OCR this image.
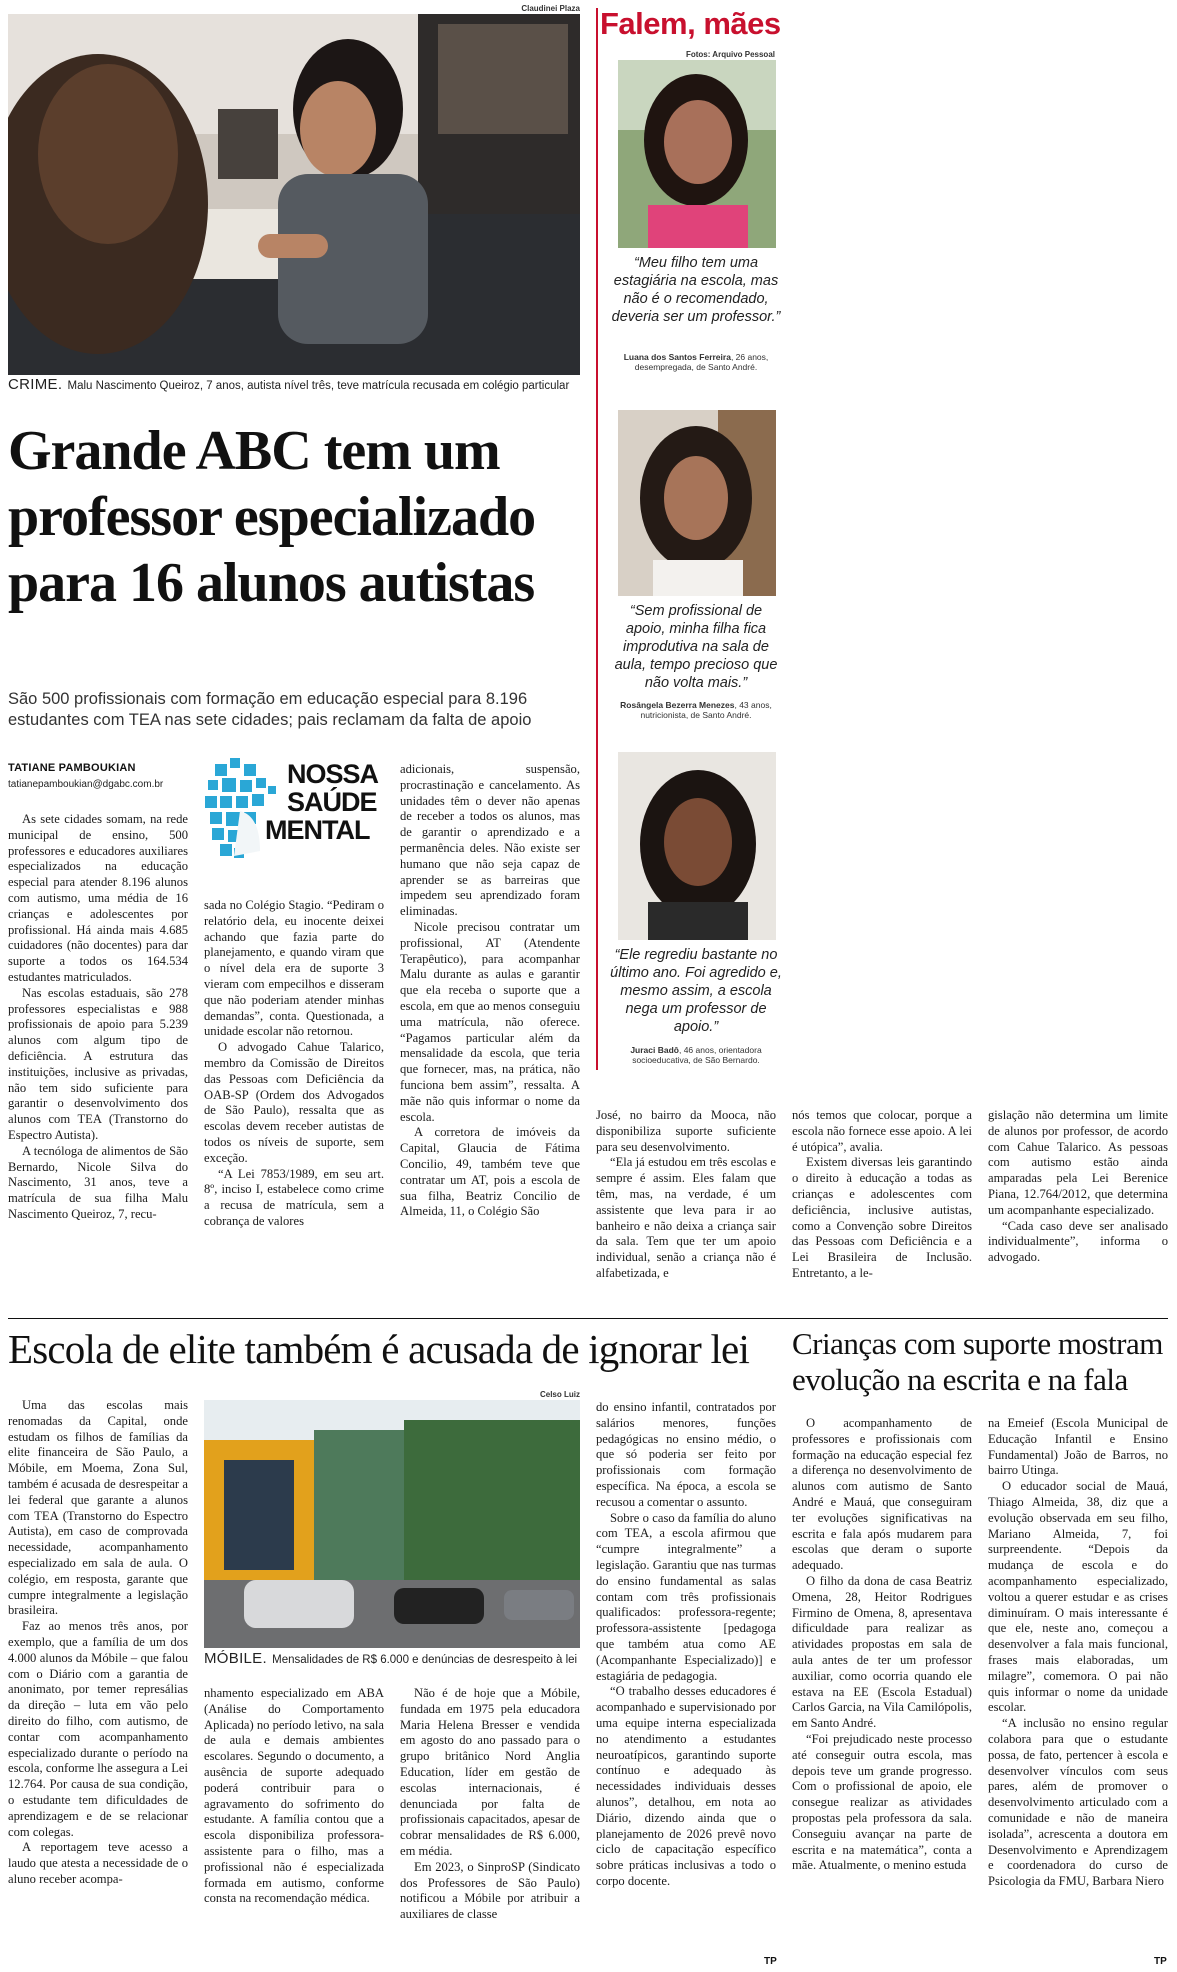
Claudinei Plaza
CRIME. Malu Nascimento Queiroz, 7 anos, autista nível três, teve matrícula recusada em colégio particular
Grande ABC tem um
professor especializado
para 16 alunos autistas
São 500 profissionais com formação em educação especial para 8.196
estudantes com TEA nas sete cidades; pais reclamam da falta de apoio
TATIANE PAMBOUKIAN
tatianepamboukian@dgabc.com.br	NOSSA
SAÚDE
MENTAL

As sete cidades somam, na rede municipal de ensino, 500 professores e educadores auxiliares especializados na educação especial para atender 8.196 alunos com autismo, uma média de 16 crianças e adolescentes por profissional. Há ainda mais 4.685 cuidadores (não docentes) para dar suporte a todos os 164.534 estudantes matriculados.

Nas escolas estaduais, são 278 professores especialistas e 988 profissionais de apoio para 5.239 alunos com algum tipo de deficiência. A estrutura das instituições, inclusive as privadas, não tem sido suficiente para garantir o desenvolvimento dos alunos com TEA (Transtorno do Espectro Autista).

A tecnóloga de alimentos de São Bernardo, Nicole Silva do Nascimento, 31 anos, teve a matrícula de sua filha Malu Nascimento Queiroz, 7, recu-

sada no Colégio Stagio. “Pediram o relatório dela, eu inocente deixei achando que fazia parte do planejamento, e quando viram que o nível dela era de suporte 3 vieram com empecilhos e disseram que não poderiam atender minhas demandas”, conta. Questionada, a unidade escolar não retornou.

O advogado Cahue Talarico, membro da Comissão de Direitos das Pessoas com Deficiência da OAB-SP (Ordem dos Advogados de São Paulo), ressalta que as escolas devem receber autistas de todos os níveis de suporte, sem exceção.

“A Lei 7853/1989, em seu art. 8º, inciso I, estabelece como crime a recusa de matrícula, sem a cobrança de valores

adicionais, suspensão, procrastinação e cancelamento. As unidades têm o dever não apenas de receber a todos os alunos, mas de garantir o aprendizado e a permanência deles. Não existe ser humano que não seja capaz de aprender se as barreiras que impedem seu aprendizado foram eliminadas.

Nicole precisou contratar um profissional, AT (Atendente Terapêutico), para acompanhar Malu durante as aulas e garantir que ela receba o suporte que a escola, em que ao menos conseguiu uma matrícula, não oferece. “Pagamos particular além da mensalidade da escola, que teria que fornecer, mas, na prática, não funciona bem assim”, ressalta. A mãe não quis informar o nome da escola.

A corretora de imóveis da Capital, Glaucia de Fátima Concilio, 49, também teve que contratar um AT, pois a escola de sua filha, Beatriz Concilio de Almeida, 11, o Colégio São

José, no bairro da Mooca, não disponibiliza suporte suficiente para seu desenvolvimento.

“Ela já estudou em três escolas e sempre é assim. Eles falam que têm, mas, na verdade, é um assistente que leva para ir ao banheiro e não deixa a criança sair da sala. Tem que ter um apoio individual, senão a criança não é alfabetizada, e

nós temos que colocar, porque a escola não fornece esse apoio. A lei é utópica”, avalia.

Existem diversas leis garantindo o direito à educação a todas as crianças e adolescentes com deficiência, inclusive autistas, como a Convenção sobre Direitos das Pessoas com Deficiência e a Lei Brasileira de Inclusão. Entretanto, a le-

gislação não determina um limite de alunos por professor, de acordo com Cahue Talarico. As pessoas com autismo estão ainda amparadas pela Lei Berenice Piana, 12.764/2012, que determina um acompanhante especializado.

“Cada caso deve ser analisado individualmente”, informa o advogado.

Falem, mães
Fotos: Arquivo Pessoal
“Meu filho tem uma estagiária na escola, mas não é o recomendado, deveria ser um professor.”
Luana dos Santos Ferreira, 26 anos, desempregada, de Santo André.
“Sem profissional de apoio, minha filha fica improdutiva na sala de aula, tempo precioso que não volta mais.”
Rosângela Bezerra Menezes, 43 anos, nutricionista, de Santo André.
“Ele regrediu bastante no último ano. Foi agredido e, mesmo assim, a escola nega um professor de apoio.”
Juraci Badô, 46 anos, orientadora socioeducativa, de São Bernardo.
Escola de elite também é acusada de ignorar lei

Uma das escolas mais renomadas da Capital, onde estudam os filhos de famílias da elite financeira de São Paulo, a Móbile, em Moema, Zona Sul, também é acusada de desrespeitar a lei federal que garante a alunos com TEA (Transtorno do Espectro Autista), em caso de comprovada necessidade, acompanhamento especializado em sala de aula. O colégio, em resposta, garante que cumpre integralmente a legislação brasileira.

Faz ao menos três anos, por exemplo, que a família de um dos 4.000 alunos da Móbile – que falou com o Diário com a garantia de anonimato, por temer represálias da direção – luta em vão pelo direito do filho, com autismo, de contar com acompanhamento especializado durante o período na escola, conforme lhe assegura a Lei 12.764. Por causa de sua condição, o estudante tem dificuldades de aprendizagem e de se relacionar com colegas.

A reportagem teve acesso a laudo que atesta a necessidade de o aluno receber acompa-

Celso Luiz
MÓBILE. Mensalidades de R$ 6.000 e denúncias de desrespeito à lei

nhamento especializado em ABA (Análise do Comportamento Aplicada) no período letivo, na sala de aula e demais ambientes escolares. Segundo o documento, a ausência de suporte adequado poderá contribuir para o agravamento do sofrimento do estudante. A família contou que a escola disponibiliza professora-assistente para o filho, mas a profissional não é especializada formada em autismo, conforme consta na recomendação médica.

Não é de hoje que a Móbile, fundada em 1975 pela educadora Maria Helena Bresser e vendida em agosto do ano passado para o grupo britânico Nord Anglia Education, líder em gestão de escolas internacionais, é denunciada por falta de profissionais capacitados, apesar de cobrar mensalidades de R$ 6.000, em média.

Em 2023, o SinproSP (Sindicato dos Professores de São Paulo) notificou a Móbile por atribuir a auxiliares de classe

do ensino infantil, contratados por salários menores, funções pedagógicas no ensino médio, o que só poderia ser feito por profissionais com formação específica. Na época, a escola se recusou a comentar o assunto.

Sobre o caso da família do aluno com TEA, a escola afirmou que “cumpre integralmente” a legislação. Garantiu que nas turmas do ensino fundamental as salas contam com três profissionais qualificados: professora-regente; professora-assistente [pedagoga que também atua como AE (Acompanhante Especializado)] e estagiária de pedagogia.

“O trabalho desses educadores é acompanhado e supervisionado por uma equipe interna especializada no atendimento a estudantes neuroatípicos, garantindo suporte contínuo e adequado às necessidades individuais desses alunos”, detalhou, em nota ao Diário, dizendo ainda que o planejamento de 2026 prevê novo ciclo de capacitação específico sobre práticas inclusivas a todo o corpo docente.

TP
Crianças com suporte mostram
evolução na escrita e na fala

O acompanhamento de professores e profissionais com formação na educação especial fez a diferença no desenvolvimento de alunos com autismo de Santo André e Mauá, que conseguiram ter evoluções significativas na escrita e fala após mudarem para escolas que deram o suporte adequado.

O filho da dona de casa Beatriz Omena, 28, Heitor Rodrigues Firmino de Omena, 8, apresentava dificuldade para realizar as atividades propostas em sala de aula antes de ter um professor auxiliar, como ocorria quando ele estava na EE (Escola Estadual) Carlos Garcia, na Vila Camilópolis, em Santo André.

“Foi prejudicado neste processo até conseguir outra escola, mas depois teve um grande progresso. Com o profissional de apoio, ele consegue realizar as atividades propostas pela professora da sala. Conseguiu avançar na parte de escrita e na matemática”, conta a mãe. Atualmente, o menino estuda

na Emeief (Escola Municipal de Educação Infantil e Ensino Fundamental) João de Barros, no bairro Utinga.

O educador social de Mauá, Thiago Almeida, 38, diz que a evolução observada em seu filho, Mariano Almeida, 7, foi surpreendente. “Depois da mudança de escola e do acompanhamento especializado, voltou a querer estudar e as crises diminuíram. O mais interessante é que ele, neste ano, começou a desenvolver a fala mais funcional, frases mais elaboradas, um milagre”, comemora. O pai não quis informar o nome da unidade escolar.

“A inclusão no ensino regular colabora para que o estudante possa, de fato, pertencer à escola e desenvolver vínculos com seus pares, além de promover o desenvolvimento articulado com a comunidade e não de maneira isolada”, acrescenta a doutora em Desenvolvimento e Aprendizagem e coordenadora do curso de Psicologia da FMU, Barbara Niero

TP
